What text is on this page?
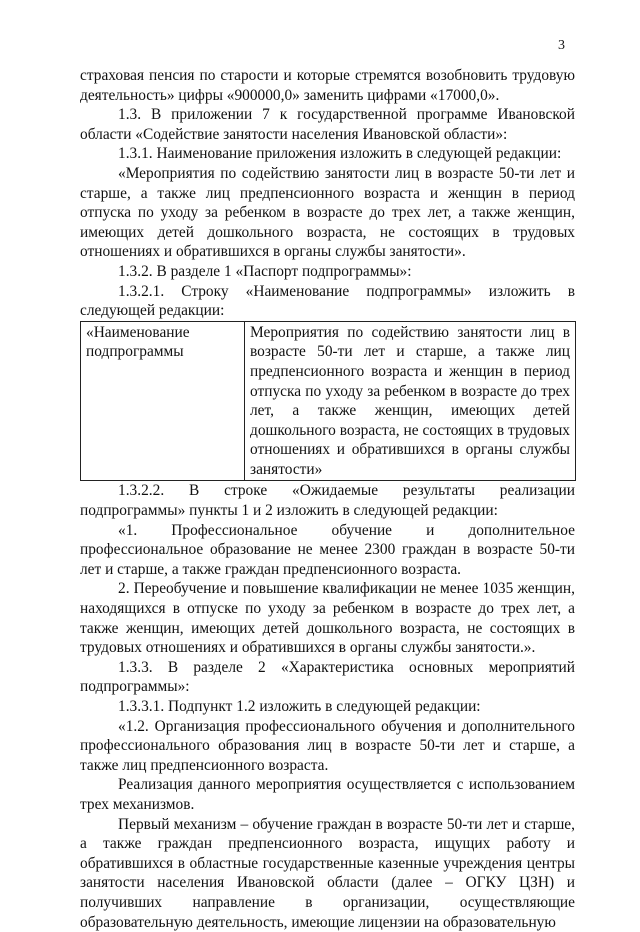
3

страховая пенсия по старости и которые стремятся возобновить трудовую деятельность» цифры «900000,0» заменить цифрами «17000,0».

1.3. В приложении 7 к государственной программе Ивановской области «Содействие занятости населения Ивановской области»:

1.3.1. Наименование приложения изложить в следующей редакции:

«Мероприятия по содействию занятости лиц в возрасте 50-ти лет и старше, а также лиц предпенсионного возраста и женщин в период отпуска по уходу за ребенком в возрасте до трех лет, а также женщин, имеющих детей дошкольного возраста, не состоящих в трудовых отношениях и обратившихся в органы службы занятости».

1.3.2. В разделе 1 «Паспорт подпрограммы»:

1.3.2.1. Строку «Наименование подпрограммы» изложить в следующей редакции:

«Наименование подпрограммы	Мероприятия по содействию занятости лиц в возрасте 50-ти лет и старше, а также лиц предпенсионного возраста и женщин в период отпуска по уходу за ребенком в возрасте до трех лет, а также женщин, имеющих детей дошкольного возраста, не состоящих в трудовых отношениях и обратившихся в органы службы занятости»

1.3.2.2. В строке «Ожидаемые результаты реализации подпрограммы» пункты 1 и 2 изложить в следующей редакции:

«1. Профессиональное обучение и дополнительное профессиональное образование не менее 2300 граждан в возрасте 50-ти лет и старше, а также граждан предпенсионного возраста.

2. Переобучение и повышение квалификации не менее 1035 женщин, находящихся в отпуске по уходу за ребенком в возрасте до трех лет, а также женщин, имеющих детей дошкольного возраста, не состоящих в трудовых отношениях и обратившихся в органы службы занятости.».

1.3.3. В разделе 2 «Характеристика основных мероприятий подпрограммы»:

1.3.3.1. Подпункт 1.2 изложить в следующей редакции:

«1.2. Организация профессионального обучения и дополнительного профессионального образования лиц в возрасте 50-ти лет и старше, а также лиц предпенсионного возраста.

Реализация данного мероприятия осуществляется с использованием трех механизмов.

Первый механизм – обучение граждан в возрасте 50-ти лет и старше, а также граждан предпенсионного возраста, ищущих работу и обратившихся в областные государственные казенные учреждения центры занятости населения Ивановской области (далее – ОГКУ ЦЗН) и получивших направление в организации, осуществляющие образовательную деятельность, имеющие лицензии на образовательную
